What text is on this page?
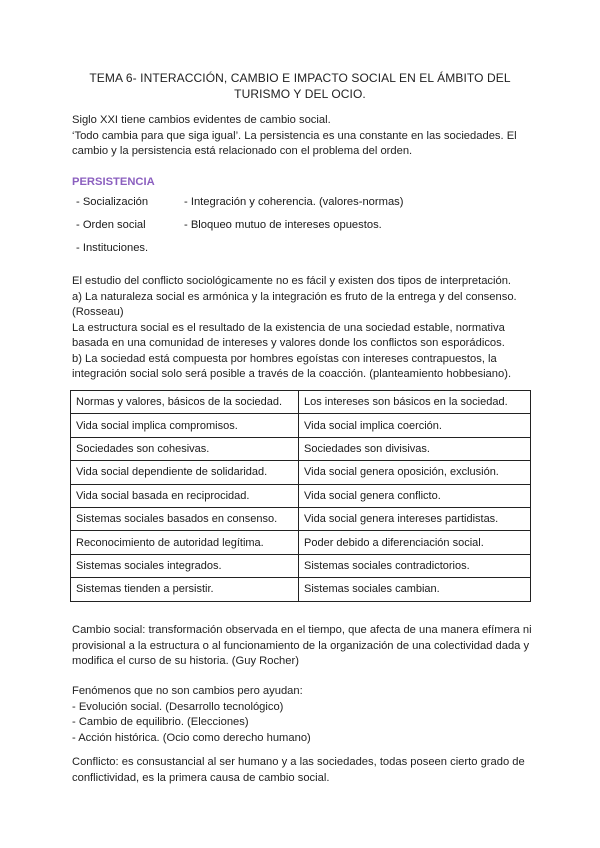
TEMA 6- INTERACCIÓN, CAMBIO E IMPACTO SOCIAL EN EL ÁMBITO DEL TURISMO Y DEL OCIO.
Siglo XXI tiene cambios evidentes de cambio social.
‘Todo cambia para que siga igual’. La persistencia es una constante en las sociedades. El cambio y la persistencia está relacionado con el problema del orden.
PERSISTENCIA
- Socialización	- Integración y coherencia. (valores-normas)
- Orden social	- Bloqueo mutuo de intereses opuestos.
- Instituciones.
El estudio del conflicto sociológicamente no es fácil y existen dos tipos de interpretación.
a) La naturaleza social es armónica y la integración es fruto de la entrega y del consenso. (Rosseau)
La estructura social es el resultado de la existencia de una sociedad estable, normativa basada en una comunidad de intereses y valores donde los conflictos son esporádicos.
b) La sociedad está compuesta por hombres egoístas con intereses contrapuestos, la integración social solo será posible a través de la coacción. (planteamiento hobbesiano).
Normas y valores, básicos de la sociedad.	Los intereses son básicos en la sociedad.
Vida social implica compromisos.	Vida social implica coerción.
Sociedades son cohesivas.	Sociedades son divisivas.
Vida social dependiente de solidaridad.	Vida social genera oposición, exclusión.
Vida social basada en reciprocidad.	Vida social genera conflicto.
Sistemas sociales basados en consenso.	Vida social genera intereses partidistas.
Reconocimiento de autoridad legítima.	Poder debido a diferenciación social.
Sistemas sociales integrados.	Sistemas sociales contradictorios.
Sistemas tienden a persistir.	Sistemas sociales cambian.
Cambio social: transformación observada en el tiempo, que afecta de una manera efímera ni provisional a la estructura o al funcionamiento de la organización de una colectividad dada y modifica el curso de su historia. (Guy Rocher)
Fenómenos que no son cambios pero ayudan:
- Evolución social. (Desarrollo tecnológico)
- Cambio de equilibrio. (Elecciones)
- Acción histórica. (Ocio como derecho humano)
Conflicto: es consustancial al ser humano y a las sociedades, todas poseen cierto grado de conflictividad, es la primera causa de cambio social.
